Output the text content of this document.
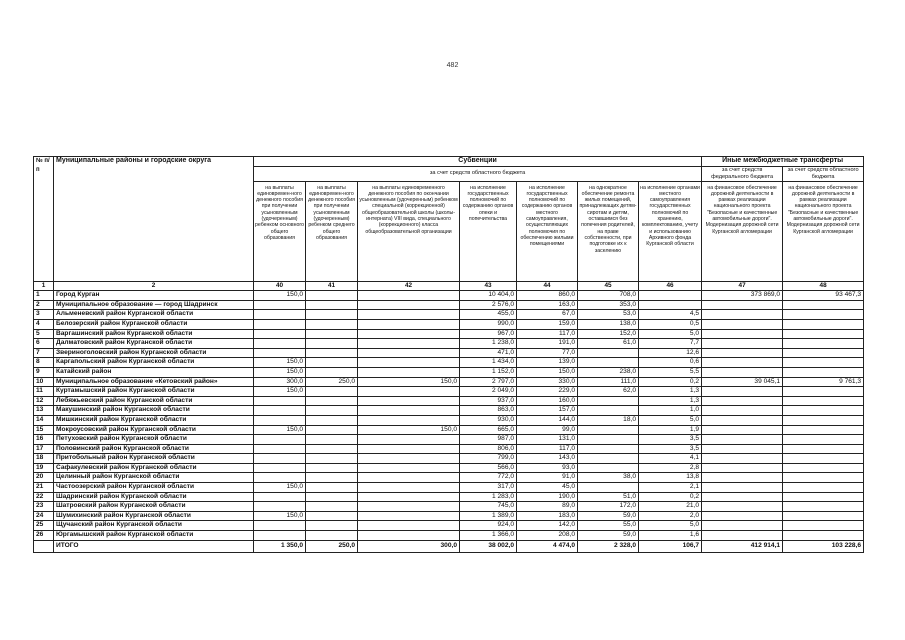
482
№ п/п	Муниципальные районы и городские округа	Субвенции							Иные межбюджетные трансферты	
		за счет средств областного бюджета							за счет средств федерального бюджета	за счет средств областного бюджета
		на выплаты единовремен-ного денежного пособия при получении усыновленным (удочеренным) ребенком основного общего образования	на выплаты единовремен-ного денежного пособия при получении усыновленным (удочеренным) ребенком среднего общего образования	на выплаты единовременного денежного пособия по окончании усыновленным (удочеренным) ребенком специальной (коррекционной) общеобразовательной школы (школы-интерната) VIII вида, специального (коррекционного) класса общеобразовательной организации	на исполнение государственных полномочий по содержанию органов опеки и попечительства	на исполнение государственных полномочий по содержанию органов местного самоуправления, осуществляющих полномочия по обеспечению жилыми помещениями	на однократное обеспечение ремонта жилых помещений, принадлежащих детям-сиротам и детям, оставшимся без попечения родителей, на праве собственности, при подготовке их к заселению	на исполнение органами местного самоуправления государственных полномочий по хранению, комплектованию, учету и использованию Архивного фонда Курганской области	на финансовое обеспечение дорожной деятельности в рамках реализации национального проекта "Безопасные и качественные автомобильные дороги". Модернизация дорожной сети Курганской агломерации	на финансовое обеспечение дорожной деятельности в рамках реализации национального проекта "Безопасные и качественные автомобильные дороги". Модернизация дорожной сети Курганской агломерации
1	2	40	41	42	43	44	45	46	47	48
1	Город Курган	150,0			10 404,0	860,0	708,0		373 869,0	93 467,3
2	Муниципальное образование — город Шадринск				2 576,0	163,0	353,0			
3	Альменевский район Курганской области				455,0	67,0	53,0	4,5		
4	Белозерский район Курганской области				990,0	159,0	138,0	0,5		
5	Варгашинский район Курганской области				967,0	117,0	152,0	5,0		
6	Далматовский район Курганской области				1 238,0	191,0	61,0	7,7		
7	Звериноголовский район Курганской области				471,0	77,0		12,6		
8	Каргапольский район Курганской области	150,0			1 434,0	139,0		0,6		
9	Катайский район	150,0			1 152,0	150,0	238,0	5,5		
10	Муниципальное образование «Кетовский район»	300,0	250,0	150,0	2 797,0	330,0	111,0	0,2	39 045,1	9 761,3
11	Куртамышский район Курганской области	150,0			2 049,0	229,0	62,0	1,3		
12	Лебяжьевский район Курганской области				937,0	160,0		1,3		
13	Макушинский район Курганской области				863,0	157,0		1,0		
14	Мишкинский район Курганской области				930,0	144,0	18,0	5,0		
15	Мокроусовский район Курганской области	150,0		150,0	665,0	99,0		1,9		
16	Петуховский район Курганской области				987,0	131,0		3,5		
17	Половинский район Курганской области				806,0	117,0		3,5		
18	Притобольный район Курганской области				799,0	143,0		4,1		
19	Сафакулевский район Курганской области				566,0	93,0		2,8		
20	Целинный район Курганской области				772,0	91,0	38,0	13,8		
21	Частоозерский район Курганской области	150,0			317,0	45,0		2,1		
22	Шадринский район Курганской области				1 283,0	190,0	51,0	0,2		
23	Шатровский район Курганской области				745,0	89,0	172,0	21,0		
24	Шумихинский район Курганской области	150,0			1 389,0	183,0	59,0	2,0		
25	Щучанский район Курганской области				924,0	142,0	55,0	5,0		
26	Юргамышский район Курганской области				1 366,0	208,0	59,0	1,6		
	ИТОГО	1 350,0	250,0	300,0	38 002,0	4 474,0	2 328,0	106,7	412 914,1	103 228,6
